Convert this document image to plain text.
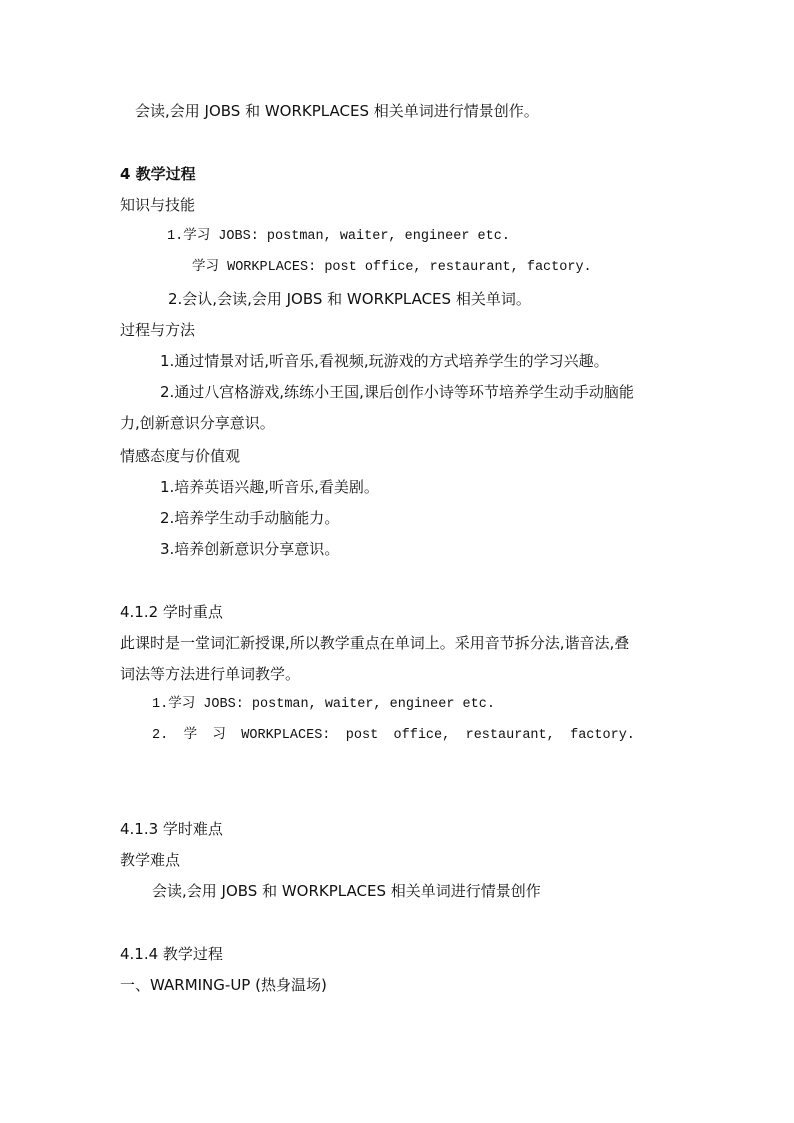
会读,会用 JOBS 和 WORKPLACES 相关单词进行情景创作。
4 教学过程
知识与技能
1.学习 JOBS: postman, waiter, engineer etc.
学习 WORKPLACES: post office, restaurant, factory.
2.会认,会读,会用 JOBS 和 WORKPLACES 相关单词。
过程与方法
1.通过情景对话,听音乐,看视频,玩游戏的方式培养学生的学习兴趣。
2.通过八宫格游戏,练练小王国,课后创作小诗等环节培养学生动手动脑能
力,创新意识分享意识。
情感态度与价值观
1.培养英语兴趣,听音乐,看美剧。
2.培养学生动手动脑能力。
3.培养创新意识分享意识。
4.1.2 学时重点
此课时是一堂词汇新授课,所以教学重点在单词上。采用音节拆分法,谐音法,叠
词法等方法进行单词教学。
1.学习 JOBS: postman, waiter, engineer etc.
2. 学 习 WORKPLACES: post office, restaurant, factory.
4.1.3 学时难点
教学难点
会读,会用 JOBS 和 WORKPLACES 相关单词进行情景创作
4.1.4 教学过程
一、WARMING-UP (热身温场)
